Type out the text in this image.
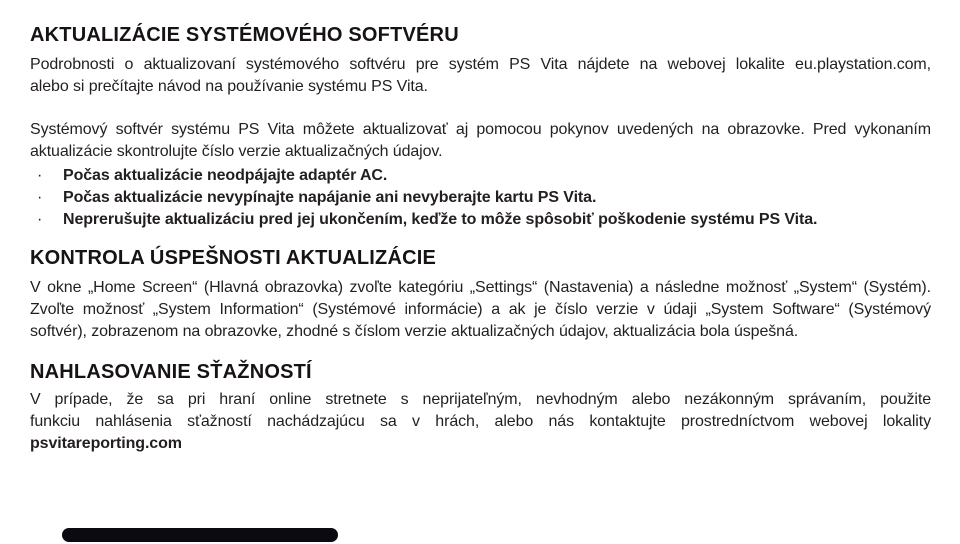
AKTUALIZÁCIE SYSTÉMOVÉHO SOFTVÉRU
Podrobnosti o aktualizovaní systémového softvéru pre systém PS Vita nájdete na webovej lokalite eu.playstation.com,
alebo si prečítajte návod na používanie systému PS Vita.
Systémový softvér systému PS Vita môžete aktualizovať aj pomocou pokynov uvedených na obrazovke. Pred vykonaním
aktualizácie skontrolujte číslo verzie aktualizačných údajov.
·	Počas aktualizácie neodpájajte adaptér AC.
·	Počas aktualizácie nevypínajte napájanie ani nevyberajte kartu PS Vita.
·	Neprerušujte aktualizáciu pred jej ukončením, keďže to môže spôsobiť poškodenie systému PS Vita.
KONTROLA ÚSPEŠNOSTI AKTUALIZÁCIE
V okne „Home Screen“ (Hlavná obrazovka) zvoľte kategóriu „Settings“ (Nastavenia) a následne možnosť „System“ (Systém).
Zvoľte možnosť „System Information“ (Systémové informácie) a ak je číslo verzie v údaji „System Software“ (Systémový
softvér), zobrazenom na obrazovke, zhodné s číslom verzie aktualizačných údajov, aktualizácia bola úspešná.
NAHLASOVANIE SŤAŽNOSTÍ
V prípade, že sa pri hraní online stretnete s neprijateľným, nevhodným alebo nezákonným správaním, použite
funkciu nahlásenia sťažností nachádzajúcu sa v hrách, alebo nás kontaktujte prostredníctvom webovej lokality
psvitareporting.com
